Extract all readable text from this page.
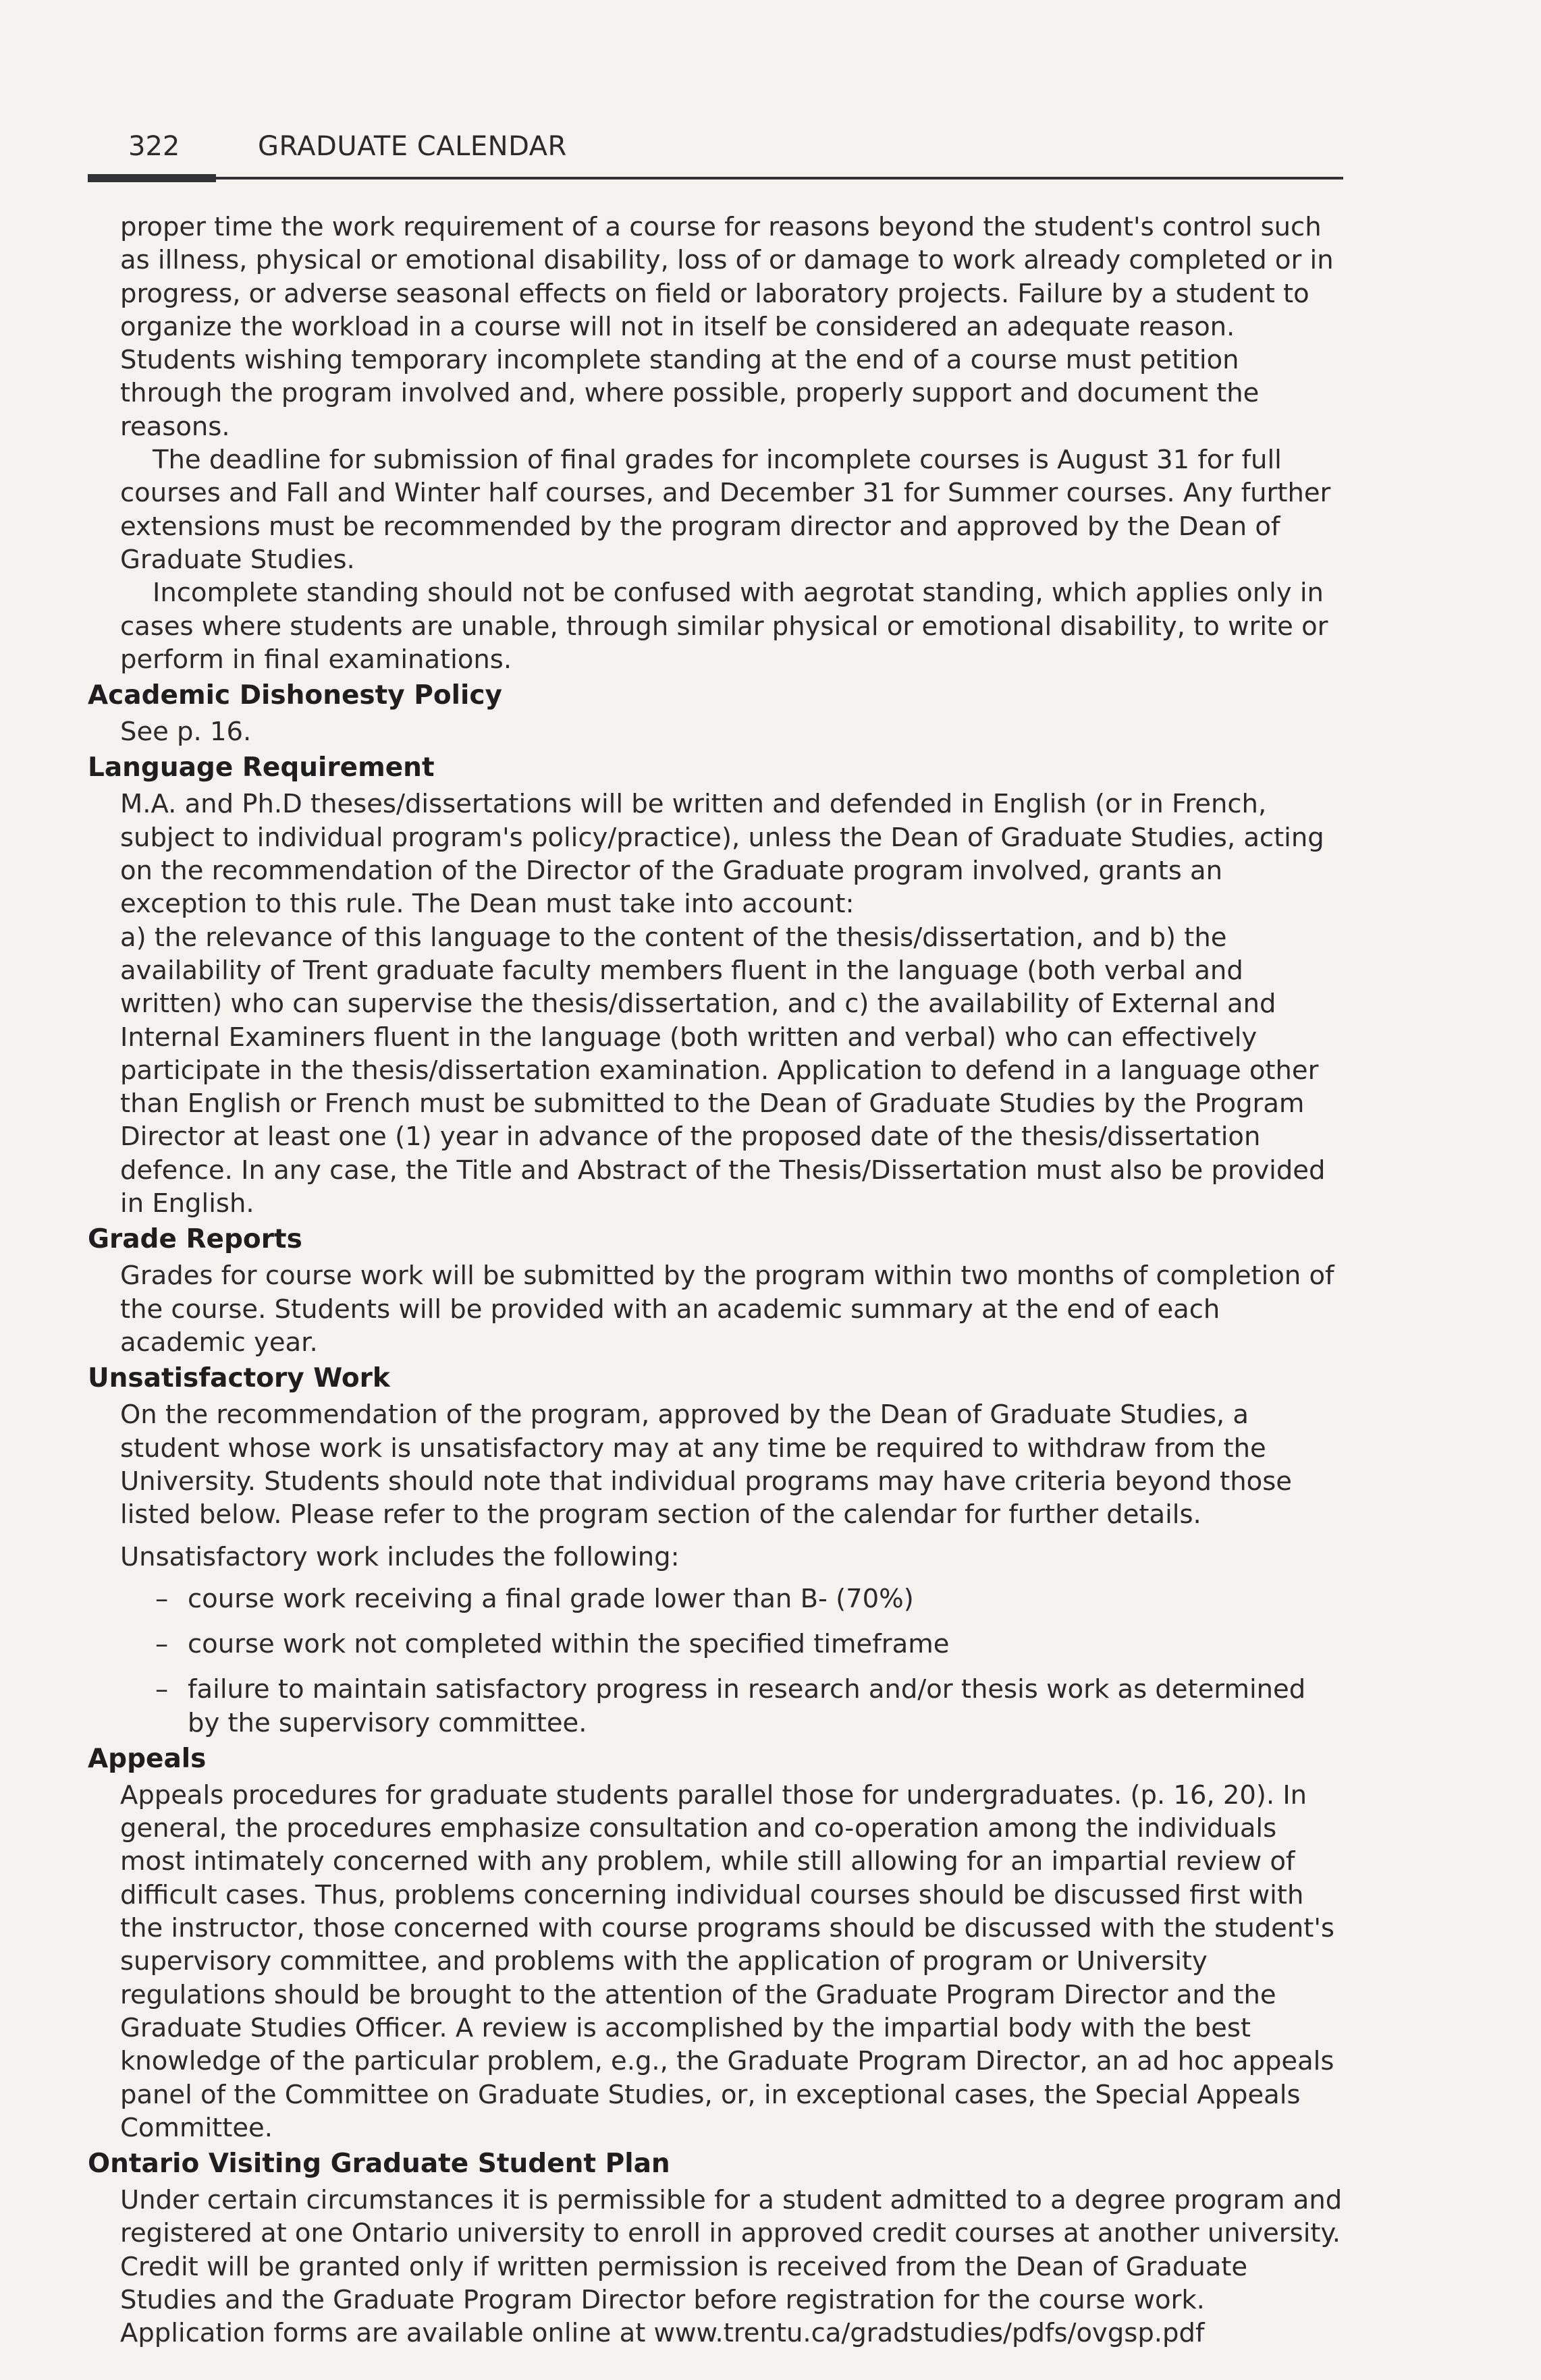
322	GRADUATE CALENDAR

proper time the work requirement of a course for reasons beyond the student's control such as illness, physical or emotional disability, loss of or damage to work already completed or in progress, or adverse seasonal effects on field or laboratory projects. Failure by a student to organize the workload in a course will not in itself be considered an adequate reason. Students wishing temporary incomplete standing at the end of a course must petition through the program involved and, where possible, properly support and document the reasons.

The deadline for submission of final grades for incomplete courses is August 31 for full courses and Fall and Winter half courses, and December 31 for Summer courses. Any further extensions must be recommended by the program director and approved by the Dean of Graduate Studies.

Incomplete standing should not be confused with aegrotat standing, which applies only in cases where students are unable, through similar physical or emotional disability, to write or perform in final examinations.

Academic Dishonesty Policy

See p. 16.

Language Requirement

M.A. and Ph.D theses/dissertations will be written and defended in English (or in French, subject to individual program's policy/practice), unless the Dean of Graduate Studies, acting on the recommendation of the Director of the Graduate program involved, grants an exception to this rule. The Dean must take into account:

a) the relevance of this language to the content of the thesis/dissertation, and b) the availability of Trent graduate faculty members fluent in the language (both verbal and written) who can supervise the thesis/dissertation, and c) the availability of External and Internal Examiners fluent in the language (both written and verbal) who can effectively participate in the thesis/dissertation examination. Application to defend in a language other than English or French must be submitted to the Dean of Graduate Studies by the Program Director at least one (1) year in advance of the proposed date of the thesis/dissertation defence. In any case, the Title and Abstract of the Thesis/Dissertation must also be provided in English.

Grade Reports

Grades for course work will be submitted by the program within two months of completion of the course. Students will be provided with an academic summary at the end of each academic year.

Unsatisfactory Work

On the recommendation of the program, approved by the Dean of Graduate Studies, a student whose work is unsatisfactory may at any time be required to withdraw from the University. Students should note that individual programs may have criteria beyond those listed below. Please refer to the program section of the calendar for further details.

Unsatisfactory work includes the following:

– course work receiving a final grade lower than B- (70%)
– course work not completed within the specified timeframe
– failure to maintain satisfactory progress in research and/or thesis work as determined by the supervisory committee.
Appeals

Appeals procedures for graduate students parallel those for undergraduates. (p. 16, 20). In general, the procedures emphasize consultation and co-operation among the individuals most intimately concerned with any problem, while still allowing for an impartial review of difficult cases. Thus, problems concerning individual courses should be discussed first with the instructor, those concerned with course programs should be discussed with the student's supervisory committee, and problems with the application of program or University regulations should be brought to the attention of the Graduate Program Director and the Graduate Studies Officer. A review is accomplished by the impartial body with the best knowledge of the particular problem, e.g., the Graduate Program Director, an ad hoc appeals panel of the Committee on Graduate Studies, or, in exceptional cases, the Special Appeals Committee.

Ontario Visiting Graduate Student Plan

Under certain circumstances it is permissible for a student admitted to a degree program and registered at one Ontario university to enroll in approved credit courses at another university. Credit will be granted only if written permission is received from the Dean of Graduate Studies and the Graduate Program Director before registration for the course work. Application forms are available online at www.trentu.ca/gradstudies/pdfs/ovgsp.pdf
